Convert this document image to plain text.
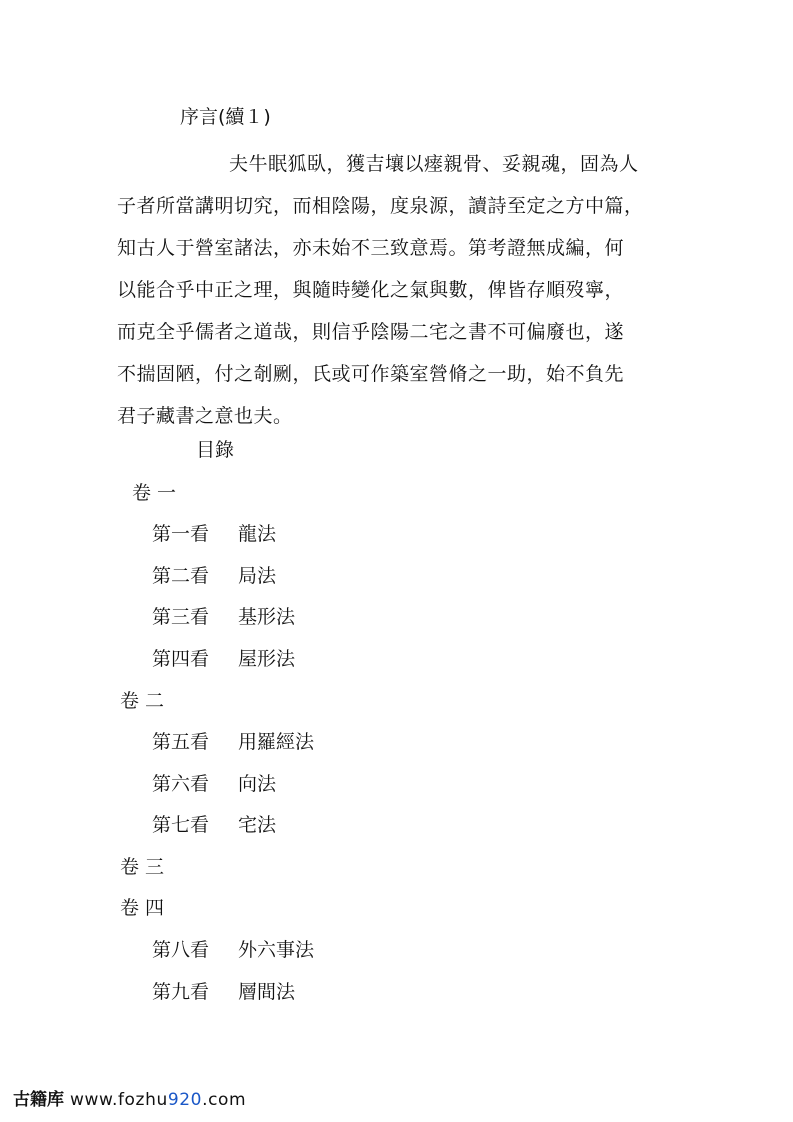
序言(續１)
夫牛眠狐臥，獲吉壤以瘗親骨、妥親魂，固為人
子者所當講明切究，而相陰陽，度泉源，讀詩至定之方中篇，
知古人于營室諸法，亦未始不三致意焉。第考證無成編，何
以能合乎中正之理，與隨時變化之氣與數，俾皆存順歿寧，
而克全乎儒者之道哉，則信乎陰陽二宅之書不可偏廢也，遂
不揣固陋，付之剞劂，氏或可作築室營脩之一助，始不負先
君子藏書之意也夫。
目錄
卷 一
第一看 龍法
第二看 局法
第三看 基形法
第四看 屋形法
卷 二
第五看 用羅經法
第六看 向法
第七看 宅法
卷 三
卷 四
第八看 外六事法
第九看 層間法
古籍库 www.fozhu920.com
